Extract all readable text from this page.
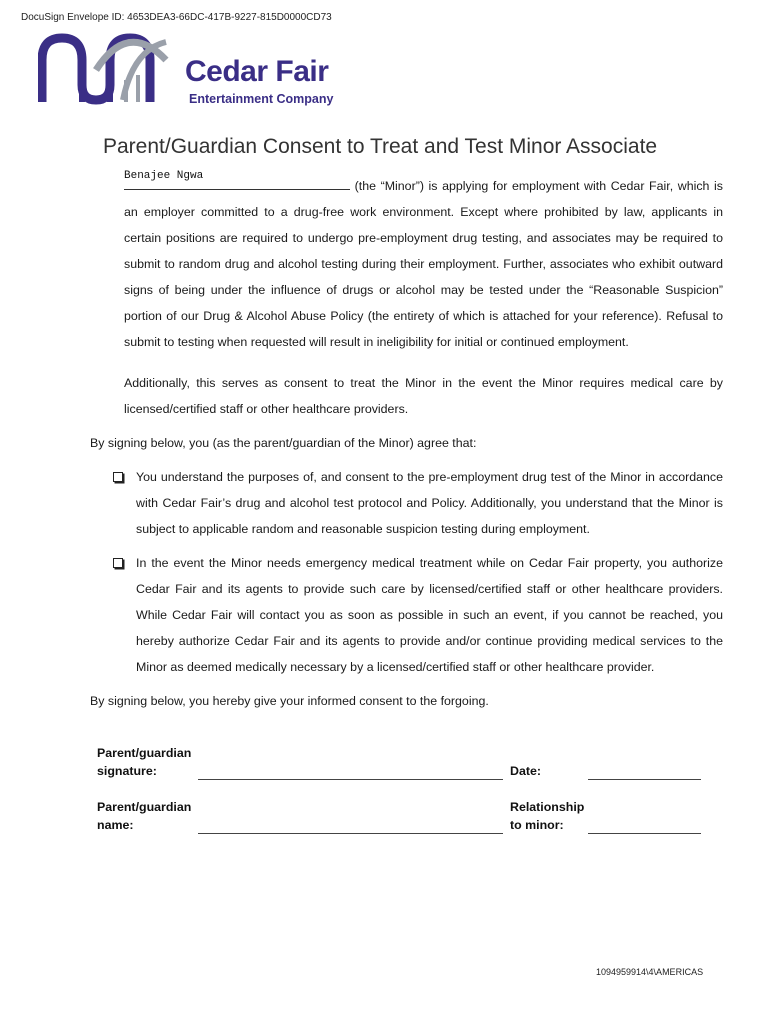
DocuSign Envelope ID: 4653DEA3-66DC-417B-9227-815D0000CD73
Cedar Fair
Entertainment Company
Parent/Guardian Consent to Treat and Test Minor Associate
Benajee Ngwa
(the “Minor”) is applying for employment with Cedar Fair, which is an employer committed to a drug-free work environment. Except where prohibited by law, applicants in certain positions are required to undergo pre-employment drug testing, and associates may be required to submit to random drug and alcohol testing during their employment. Further, associates who exhibit outward signs of being under the influence of drugs or alcohol may be tested under the “Reasonable Suspicion” portion of our Drug & Alcohol Abuse Policy (the entirety of which is attached for your reference). Refusal to submit to testing when requested will result in ineligibility for initial or continued employment.
Additionally, this serves as consent to treat the Minor in the event the Minor requires medical care by licensed/certified staff or other healthcare providers.
By signing below, you (as the parent/guardian of the Minor) agree that:
You understand the purposes of, and consent to the pre-employment drug test of the Minor in accordance with Cedar Fair’s drug and alcohol test protocol and Policy. Additionally, you understand that the Minor is subject to applicable random and reasonable suspicion testing during employment.
In the event the Minor needs emergency medical treatment while on Cedar Fair property, you authorize Cedar Fair and its agents to provide such care by licensed/certified staff or other healthcare providers. While Cedar Fair will contact you as soon as possible in such an event, if you cannot be reached, you hereby authorize Cedar Fair and its agents to provide and/or continue providing medical services to the Minor as deemed medically necessary by a licensed/certified staff or other healthcare provider.
By signing below, you hereby give your informed consent to the forgoing.
Parent/guardian
signature:	Date:
Parent/guardian
name:
Relationship
to minor:
1094959914\4\AMERICAS
